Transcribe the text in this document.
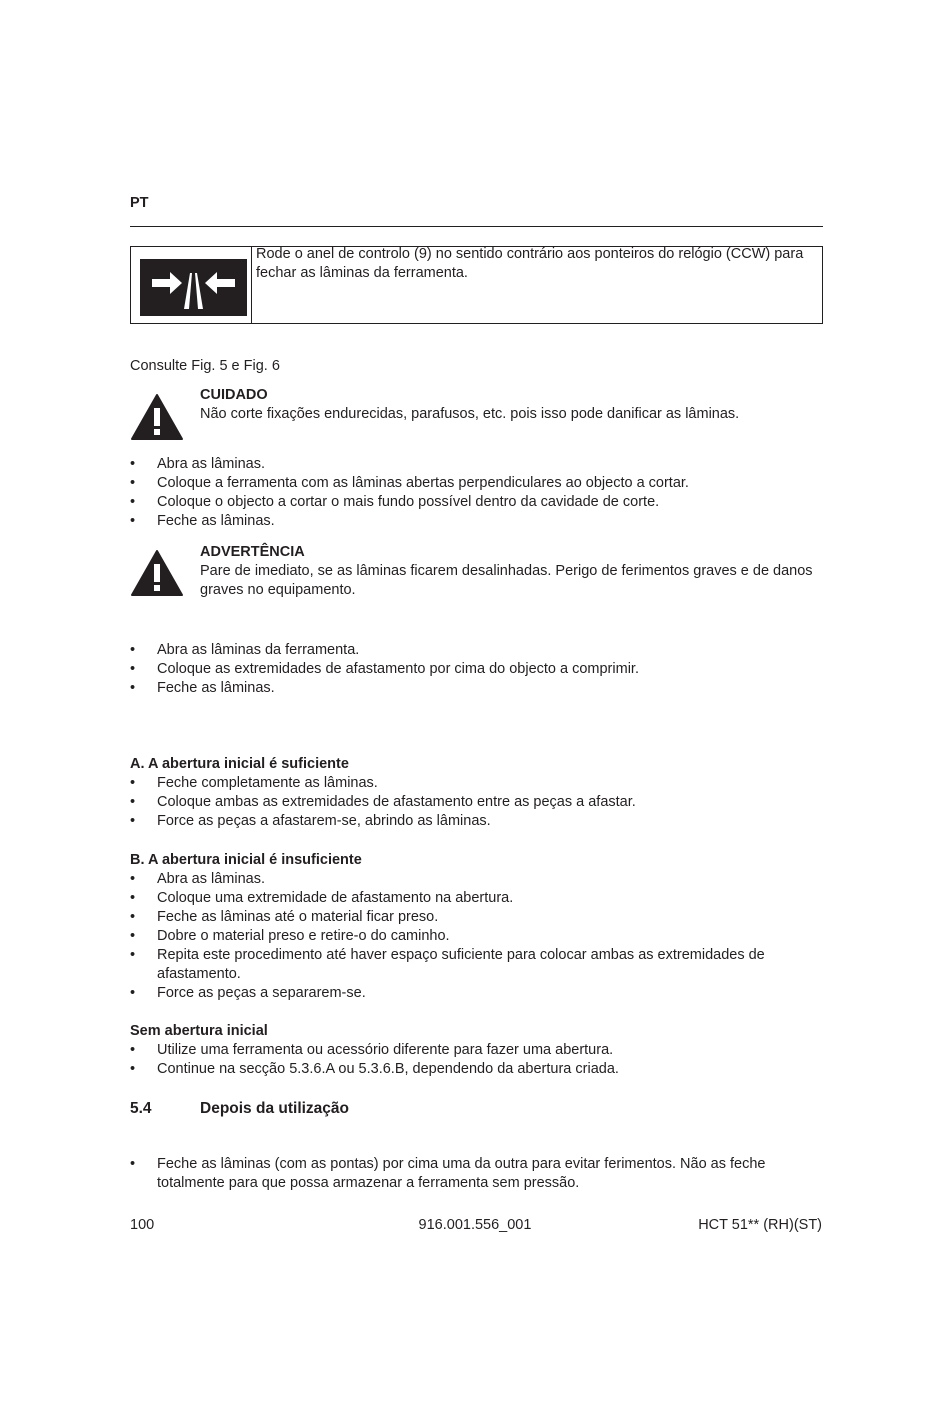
PT
Rode o anel de controlo (9) no sentido contrário aos ponteiros do relógio (CCW) para fechar as lâminas da ferramenta.
Consulte Fig. 5 e Fig. 6
CUIDADO
Não corte fixações endurecidas, parafusos, etc. pois isso pode danificar as lâminas.
• Abra as lâminas.
• Coloque a ferramenta com as lâminas abertas perpendiculares ao objecto a cortar.
• Coloque o objecto a cortar o mais fundo possível dentro da cavidade de corte.
• Feche as lâminas.
ADVERTÊNCIA
Pare de imediato, se as lâminas ficarem desalinhadas. Perigo de ferimentos graves e de danos graves no equipamento.
• Abra as lâminas da ferramenta.
• Coloque as extremidades de afastamento por cima do objecto a comprimir.
• Feche as lâminas.
A. A abertura inicial é suficiente
• Feche completamente as lâminas.
• Coloque ambas as extremidades de afastamento entre as peças a afastar.
• Force as peças a afastarem-se, abrindo as lâminas.
B. A abertura inicial é insuficiente
• Abra as lâminas.
• Coloque uma extremidade de afastamento na abertura.
• Feche as lâminas até o material ficar preso.
• Dobre o material preso e retire-o do caminho.
• Repita este procedimento até haver espaço suficiente para colocar ambas as extremidades de afastamento.
• Force as peças a separarem-se.
Sem abertura inicial
• Utilize uma ferramenta ou acessório diferente para fazer uma abertura.
• Continue na secção 5.3.6.A ou 5.3.6.B, dependendo da abertura criada.
5.4	Depois da utilização
• Feche as lâminas (com as pontas) por cima uma da outra para evitar ferimentos. Não as feche totalmente para que possa armazenar a ferramenta sem pressão.
100	916.001.556_001	HCT 51** (RH)(ST)
